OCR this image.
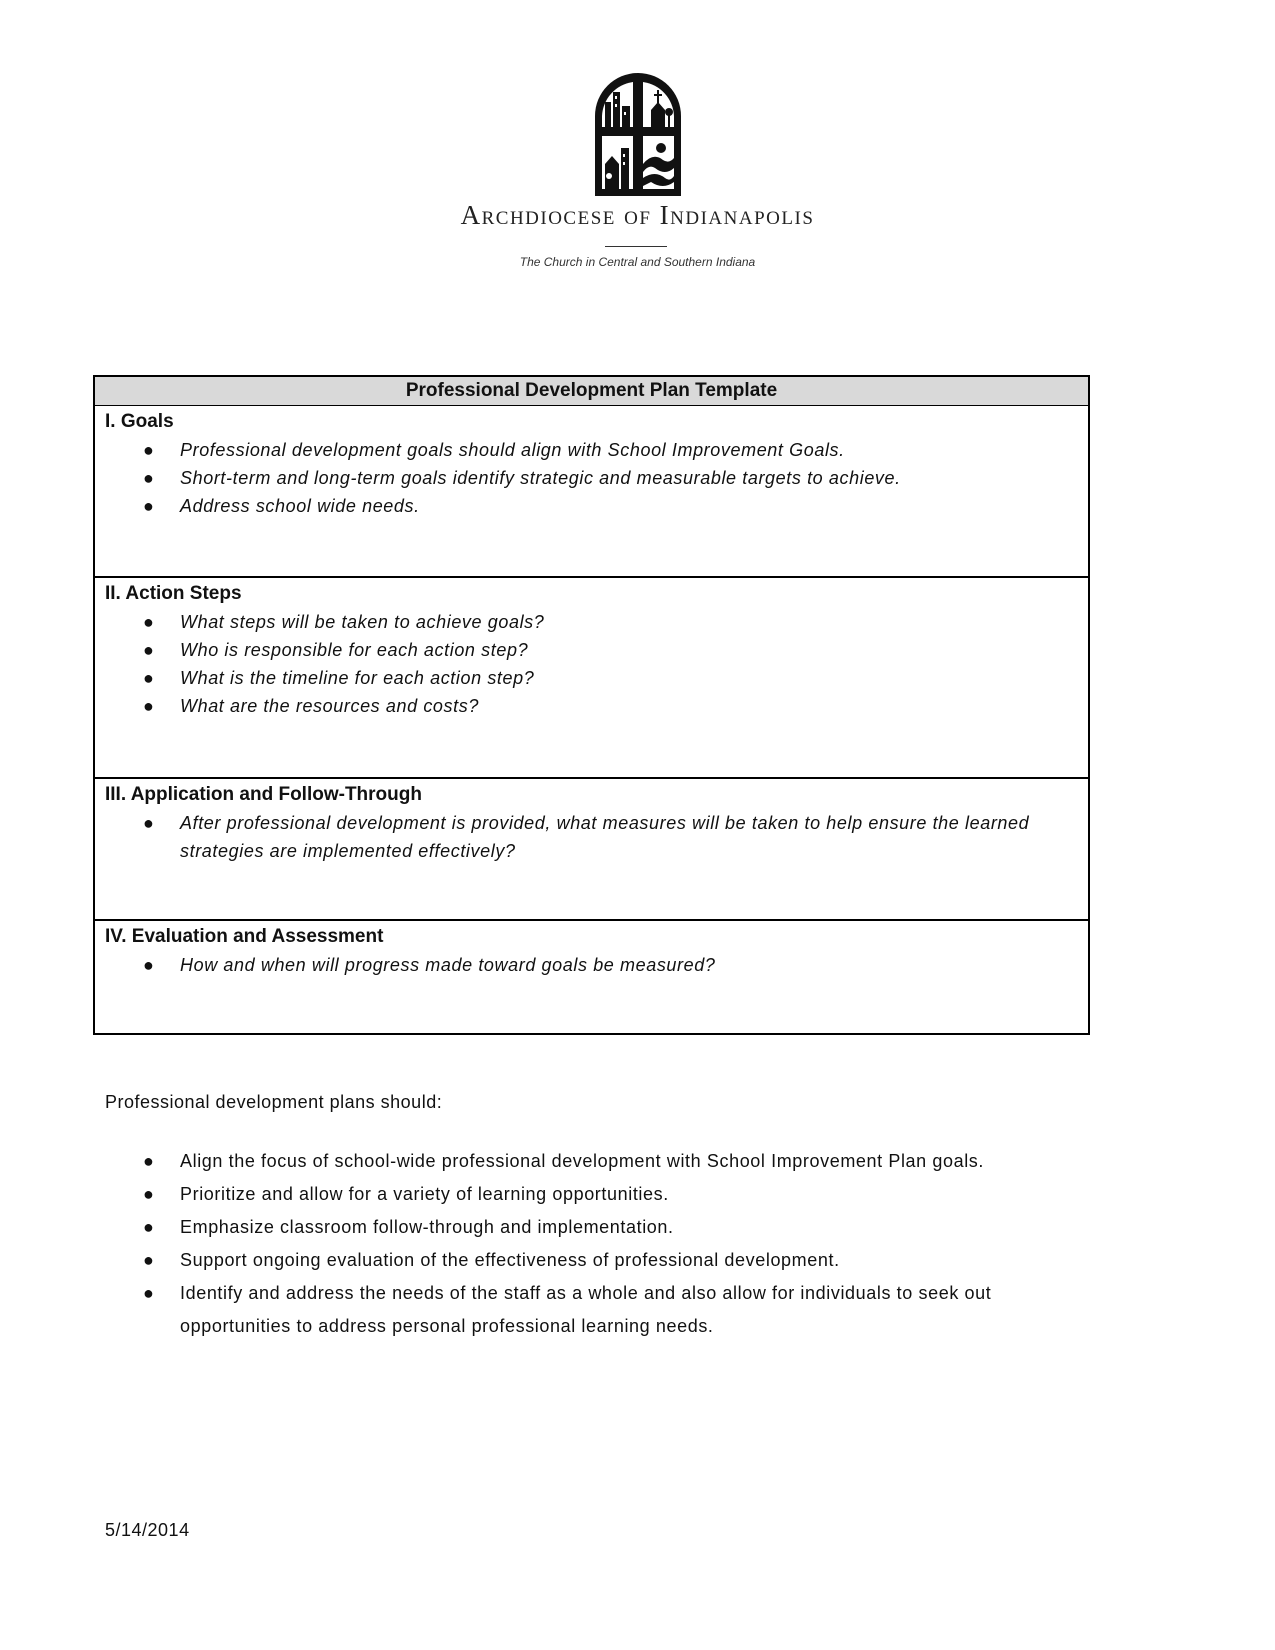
Archdiocese of Indianapolis
The Church in Central and Southern Indiana
Professional Development Plan Template
I. Goals
● Professional development goals should align with School Improvement Goals.
● Short-term and long-term goals identify strategic and measurable targets to achieve.
● Address school wide needs.
II. Action Steps
● What steps will be taken to achieve goals?
● Who is responsible for each action step?
● What is the timeline for each action step?
● What are the resources and costs?
III. Application and Follow-Through
● After professional development is provided, what measures will be taken to help ensure the learned strategies are implemented effectively?
IV. Evaluation and Assessment
● How and when will progress made toward goals be measured?
Professional development plans should:
● Align the focus of school-wide professional development with School Improvement Plan goals.
● Prioritize and allow for a variety of learning opportunities.
● Emphasize classroom follow-through and implementation.
● Support ongoing evaluation of the effectiveness of professional development.
● Identify and address the needs of the staff as a whole and also allow for individuals to seek out opportunities to address personal professional learning needs.
5/14/2014
